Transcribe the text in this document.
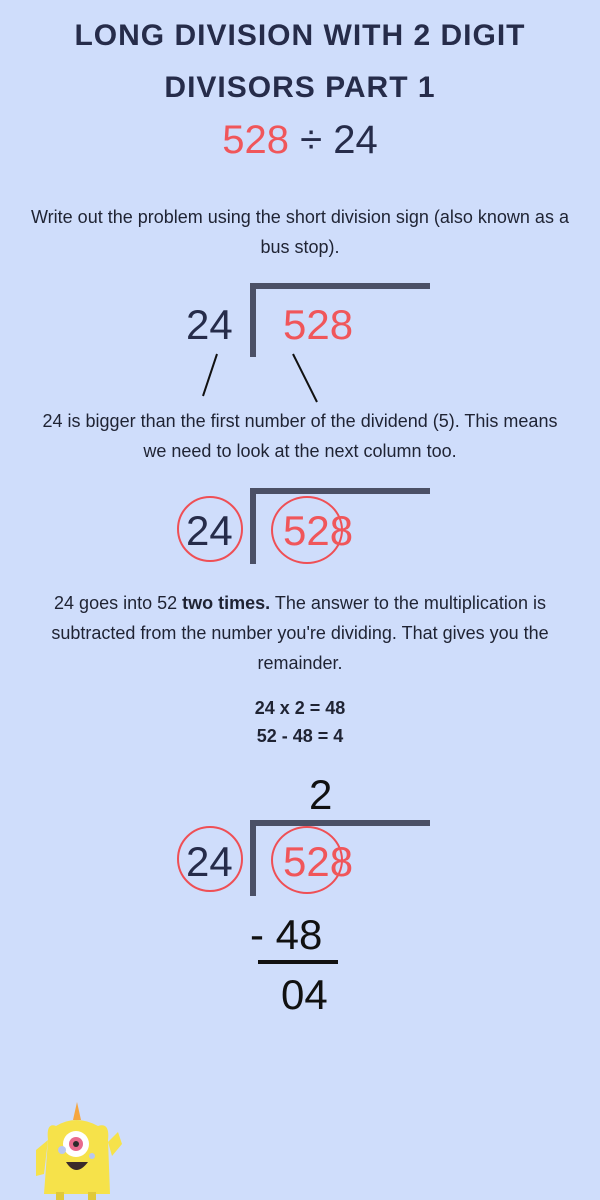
LONG DIVISION WITH 2 DIGIT
DIVISORS PART 1
528 ÷ 24
Write out the problem using the short division sign (also known as a bus stop).
24 528
24 is bigger than the first number of the dividend (5). This means we need to look at the next column too.
24 528
24 goes into 52 two times. The answer to the multiplication is subtracted from the number you're dividing. That gives you the remainder.
24 x 2 = 48
52 - 48 = 4
2
24 528
- 48
04
